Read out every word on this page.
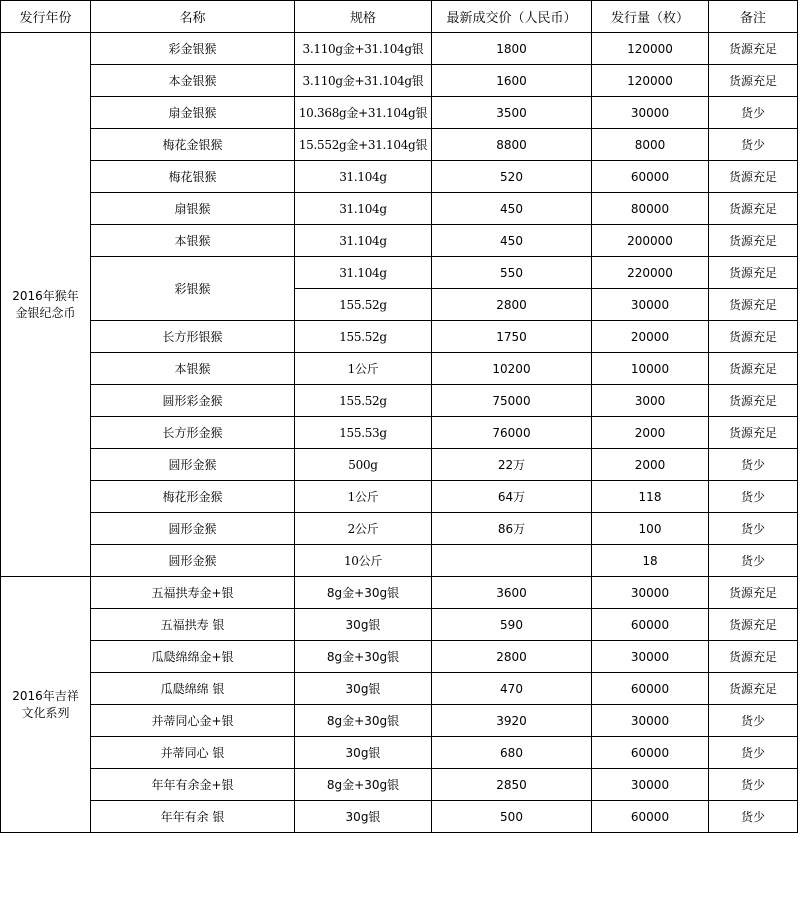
发行年份	名称	规格	最新成交价（人民币）	发行量（枚）	备注

2016年猴年
金银纪念币	彩金银猴	3.110g金+31.104g银	1800	120000	货源充足
	本金银猴	3.110g金+31.104g银	1600	120000	货源充足
	扇金银猴	10.368g金+31.104g银	3500	30000	货少
	梅花金银猴	15.552g金+31.104g银	8800	8000	货少
	梅花银猴	31.104g	520	60000	货源充足
	扇银猴	31.104g	450	80000	货源充足
	本银猴	31.104g	450	200000	货源充足
	彩银猴	31.104g	550	220000	货源充足
		155.52g	2800	30000	货源充足
	长方形银猴	155.52g	1750	20000	货源充足
	本银猴	1公斤	10200	10000	货源充足
	圆形彩金猴	155.52g	75000	3000	货源充足
	长方形金猴	155.53g	76000	2000	货源充足
	圆形金猴	500g	22万	2000	货少
	梅花形金猴	1公斤	64万	118	货少
	圆形金猴	2公斤	86万	100	货少
	圆形金猴	10公斤		18	货少

2016年吉祥
文化系列	五福拱寿金+银	8g金+30g银	3600	30000	货源充足
	五福拱寿 银	30g银	590	60000	货源充足
	瓜瓞绵绵金+银	8g金+30g银	2800	30000	货源充足
	瓜瓞绵绵 银	30g银	470	60000	货源充足
	并蒂同心金+银	8g金+30g银	3920	30000	货少
	并蒂同心 银	30g银	680	60000	货少
	年年有余金+银	8g金+30g银	2850	30000	货少
	年年有余 银	30g银	500	60000	货少
